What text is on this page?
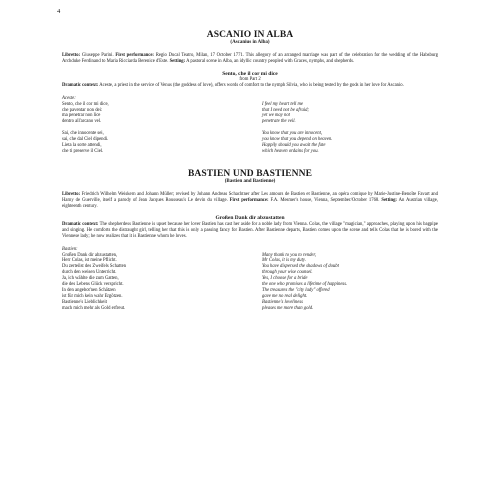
4
ASCANIO IN ALBA
(Ascanius in Alba)

Libretto: Giuseppe Parini. First performance: Regio Ducal Teatro, Milan, 17 October 1771. This allegory of an arranged marriage was part of the celebration for the wedding of the Habsburg Archduke Ferdinand to Maria Ricciarda Berenice d'Este. Setting: A pastoral scene in Alba, an idyllic country peopled with Graces, nymphs, and shepherds.

Sento, che il cor mi dice
from Part 2

Dramatic context: Aceste, a priest in the service of Venus (the goddess of love), offers words of comfort to the nymph Silvia, who is being tested by the gods in her love for Ascanio.

Aceste:
Sento, che il cor mi dice,
che paventar non dei:
ma penetrar non lice
dentro all'arcano vel.
I feel my heart tell me
that I need not be afraid;
yet we may not
penetrate the veil.
Sai, che innocente sei,
sai, che dal Ciel dipendi.
Lieta la sorte attendi,
che ti preserve il Ciel.
You know that you are innocent,
you know that you depend on heaven.
Happily should you await the fate
which heaven ordains for you.
BASTIEN UND BASTIENNE
(Bastien and Bastienne)

Libretto: Friedrich Wilhelm Weiskern and Johann Müller; revised by Johann Andreas Schachtner after Les amours de Bastien et Bastienne, an opéra comique by Marie-Justine-Benoîte Favart and Harny de Guerville, itself a parody of Jean Jacques Rousseau's Le devin du village. First performance: F.A. Mesmer's house, Vienna, September/October 1768. Setting: An Austrian village, eighteenth century.

Großen Dank dir abzustatten

Dramatic context: The shepherdess Bastienne is upset because her lover Bastien has cast her aside for a noble lady from Vienna. Colas, the village "magician," approaches, playing upon his bagpipe and singing. He comforts the distraught girl, telling her that this is only a passing fancy for Bastien. After Bastienne departs, Bastien comes upon the scene and tells Colas that he is bored with the Viennese lady; he now realizes that it is Bastienne whom he loves.

Bastien:
Großen Dank dir abzustatten,
Herr Colas, ist meine Pflicht.
Du zerteilst des Zweifels Schatten
durch den weisen Unterricht.
Ja, ich wählte die zum Gatten,
die des Lebens Glück verspricht.
In den angebot'nen Schätzen
ist für mich kein wahr Ergötzen.
Bastienne's Lieblichkeit
mach mich mehr als Gold erfreut.
Many thank to you to render,
Mr Colas, it is my duty.
You have dispersed the shadows of doubt
through your wise counsel.
Yes, I choose for a bride
the one who promises a lifetime of happiness.
The treasures the "city lady" offered
gave me no real delight.
Bastienne's loveliness
pleases me more than gold.
